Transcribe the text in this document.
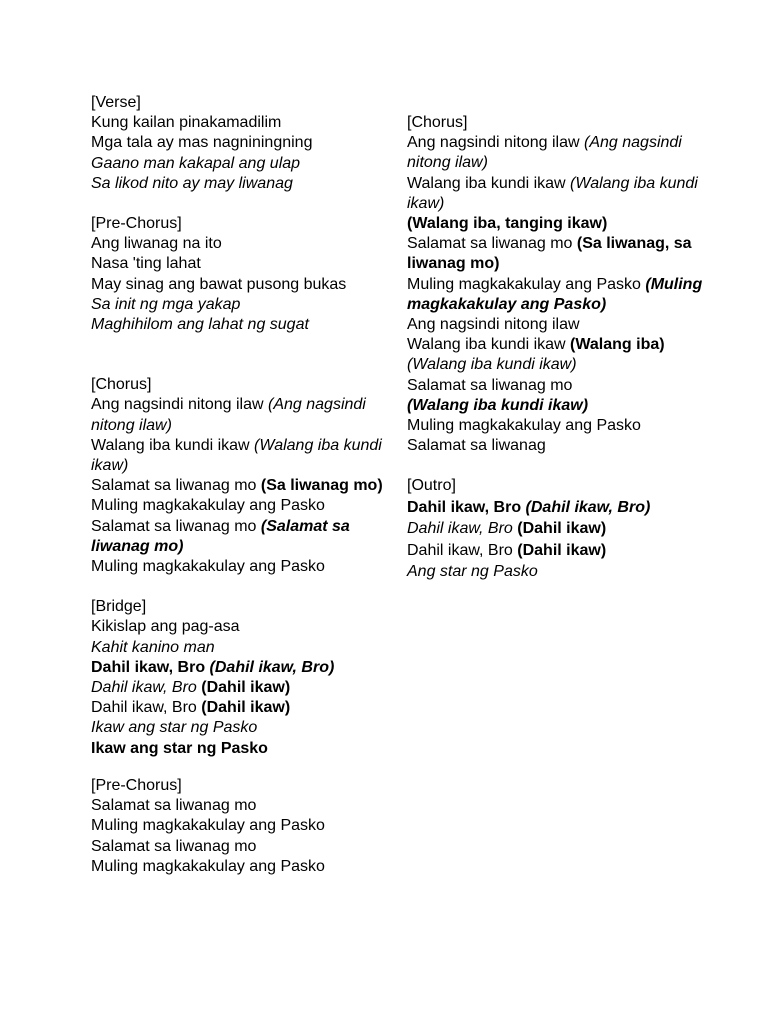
[Verse]
Kung kailan pinakamadilim
Mga tala ay mas nagniningning
Gaano man kakapal ang ulap
Sa likod nito ay may liwanag
[Pre-Chorus]
Ang liwanag na ito
Nasa 'ting lahat
May sinag ang bawat pusong bukas
Sa init ng mga yakap
Maghihilom ang lahat ng sugat
[Chorus]
Ang nagsindi nitong ilaw (Ang nagsindi nitong ilaw)
Walang iba kundi ikaw (Walang iba kundi ikaw)
Salamat sa liwanag mo (Sa liwanag mo)
Muling magkakakulay ang Pasko
Salamat sa liwanag mo (Salamat sa liwanag mo)
Muling magkakakulay ang Pasko
[Bridge]
Kikislap ang pag-asa
Kahit kanino man
Dahil ikaw, Bro (Dahil ikaw, Bro)
Dahil ikaw, Bro (Dahil ikaw)
Dahil ikaw, Bro (Dahil ikaw)
Ikaw ang star ng Pasko
Ikaw ang star ng Pasko
[Pre-Chorus]
Salamat sa liwanag mo
Muling magkakakulay ang Pasko
Salamat sa liwanag mo
Muling magkakakulay ang Pasko
[Chorus]
Ang nagsindi nitong ilaw (Ang nagsindi nitong ilaw)
Walang iba kundi ikaw (Walang iba kundi ikaw)
(Walang iba, tanging ikaw)
Salamat sa liwanag mo (Sa liwanag, sa liwanag mo)
Muling magkakakulay ang Pasko (Muling magkakakulay ang Pasko)
Ang nagsindi nitong ilaw
Walang iba kundi ikaw (Walang iba)
(Walang iba kundi ikaw)
Salamat sa liwanag mo
(Walang iba kundi ikaw)
Muling magkakakulay ang Pasko
Salamat sa liwanag
[Outro]
Dahil ikaw, Bro (Dahil ikaw, Bro)
Dahil ikaw, Bro (Dahil ikaw)
Dahil ikaw, Bro (Dahil ikaw)
Ang star ng Pasko
